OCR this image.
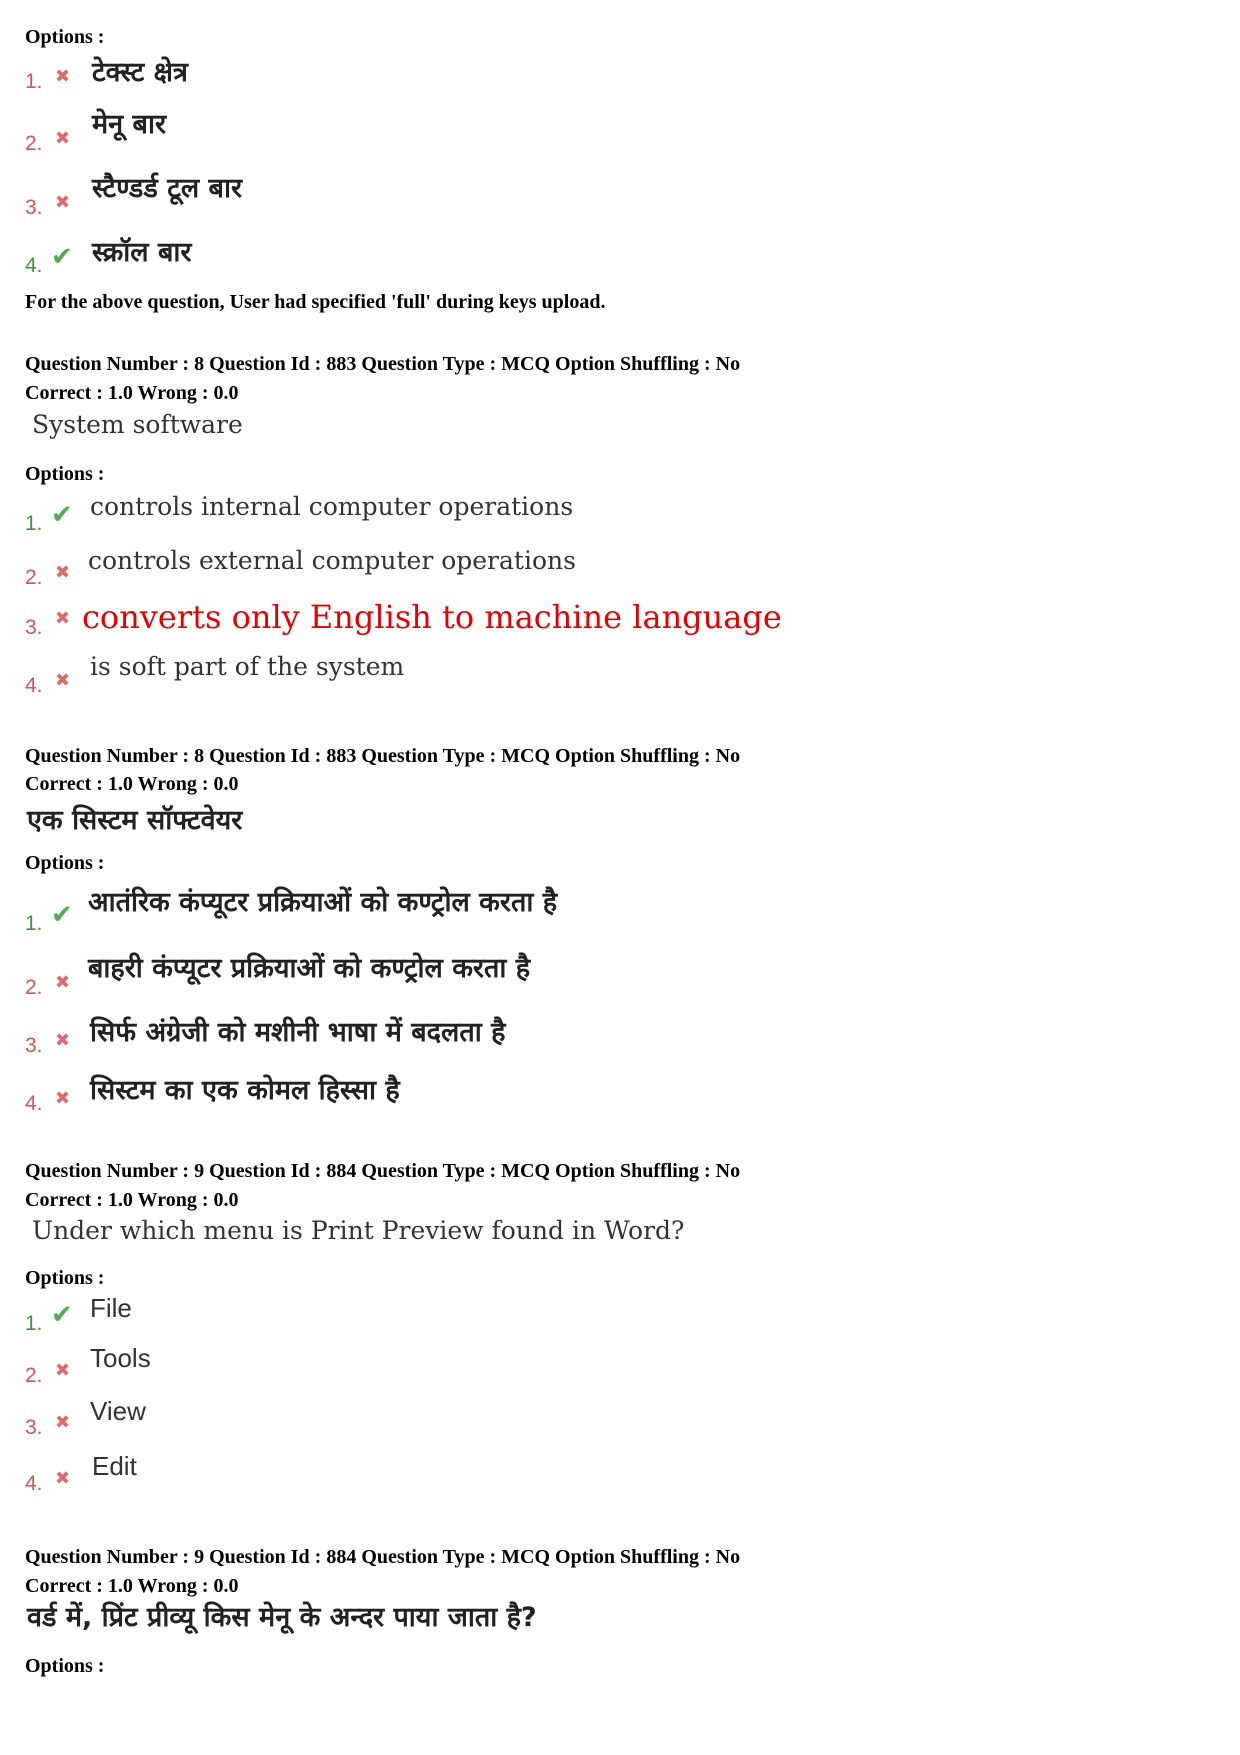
Options :
1. ✖ टेक्स्ट क्षेत्र
2. ✖ मेनू बार
3. ✖ स्टैण्डर्ड टूल बार
4. ✔ स्क्रॉल बार
For the above question, User had specified 'full' during keys upload.
Question Number : 8 Question Id : 883 Question Type : MCQ Option Shuffling : No
Correct : 1.0 Wrong : 0.0
System software
Options :
1. ✔ controls internal computer operations
2. ✖ controls external computer operations
3. ✖ converts only English to machine language
4. ✖ is soft part of the system
Question Number : 8 Question Id : 883 Question Type : MCQ Option Shuffling : No
Correct : 1.0 Wrong : 0.0
एक सिस्टम सॉफ्टवेयर
Options :
1. ✔ आतंरिक कंप्यूटर प्रक्रियाओं को कण्ट्रोल करता है
2. ✖ बाहरी कंप्यूटर प्रक्रियाओं को कण्ट्रोल करता है
3. ✖ सिर्फ अंग्रेजी को मशीनी भाषा में बदलता है
4. ✖ सिस्टम का एक कोमल हिस्सा है
Question Number : 9 Question Id : 884 Question Type : MCQ Option Shuffling : No
Correct : 1.0 Wrong : 0.0
Under which menu is Print Preview found in Word?
Options :
1. ✔ File
2. ✖ Tools
3. ✖ View
4. ✖ Edit
Question Number : 9 Question Id : 884 Question Type : MCQ Option Shuffling : No
Correct : 1.0 Wrong : 0.0
वर्ड में, प्रिंट प्रीव्यू किस मेनू के अन्दर पाया जाता है?
Options :
